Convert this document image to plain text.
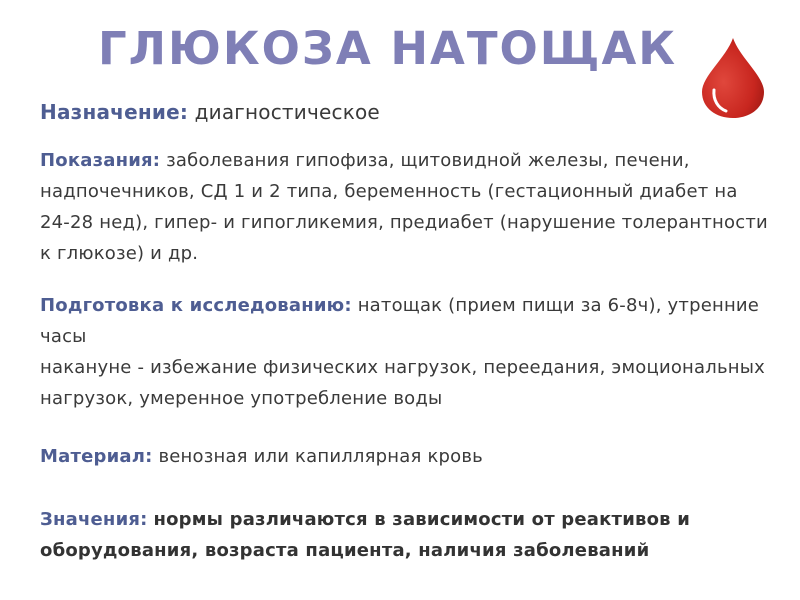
ГЛЮКОЗА НАТОЩАК
Назначение: диагностическое
Показания: заболевания гипофиза, щитовидной железы, печени, надпочечников, СД 1 и 2 типа, беременность (гестационный диабет на 24-28 нед), гипер- и гипогликемия, предиабет (нарушение толерантности к глюкозе) и др.
Подготовка к исследованию: натощак (прием пищи за 6-8ч), утренние часы
накануне - избежание физических нагрузок, переедания, эмоциональных нагрузок, умеренное употребление воды
Материал: венозная или капиллярная кровь
Значения: нормы различаются в зависимости от реактивов и оборудования, возраста пациента, наличия заболеваний
